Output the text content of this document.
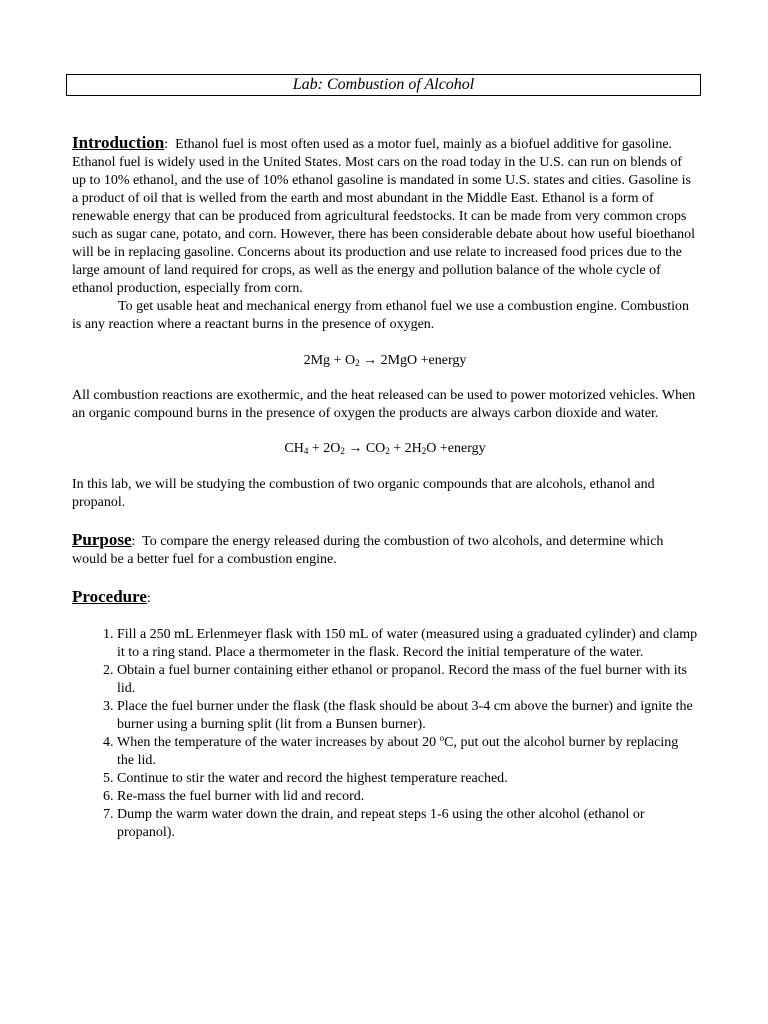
Lab: Combustion of Alcohol

Introduction:  Ethanol fuel is most often used as a motor fuel, mainly as a biofuel additive for gasoline. Ethanol fuel is widely used in the United States. Most cars on the road today in the U.S. can run on blends of up to 10% ethanol, and the use of 10% ethanol gasoline is mandated in some U.S. states and cities. Gasoline is a product of oil that is welled from the earth and most abundant in the Middle East. Ethanol is a form of renewable energy that can be produced from agricultural feedstocks. It can be made from very common crops such as sugar cane, potato, and corn. However, there has been considerable debate about how useful bioethanol will be in replacing gasoline. Concerns about its production and use relate to increased food prices due to the large amount of land required for crops, as well as the energy and pollution balance of the whole cycle of ethanol production, especially from corn.

To get usable heat and mechanical energy from ethanol fuel we use a combustion engine. Combustion is any reaction where a reactant burns in the presence of oxygen.

$2Mg + O_2 \to 2MgO$ +energy

All combustion reactions are exothermic, and the heat released can be used to power motorized vehicles. When an organic compound burns in the presence of oxygen the products are always carbon dioxide and water.

$CH_4 + 2O_2 \to CO_2 + 2H_2O$ +energy

In this lab, we will be studying the combustion of two organic compounds that are alcohols, ethanol and propanol.

Purpose:  To compare the energy released during the combustion of two alcohols, and determine which would be a better fuel for a combustion engine.

Procedure:

1. Fill a 250 mL Erlenmeyer flask with 150 mL of water (measured using a graduated cylinder) and clamp it to a ring stand. Place a thermometer in the flask. Record the initial temperature of the water.
2. Obtain a fuel burner containing either ethanol or propanol. Record the mass of the fuel burner with its lid.
3. Place the fuel burner under the flask (the flask should be about 3-4 cm above the burner) and ignite the burner using a burning split (lit from a Bunsen burner).
4. When the temperature of the water increases by about 20 $^o$C, put out the alcohol burner by replacing the lid.
5. Continue to stir the water and record the highest temperature reached.
6. Re-mass the fuel burner with lid and record.
7. Dump the warm water down the drain, and repeat steps 1-6 using the other alcohol (ethanol or propanol).
